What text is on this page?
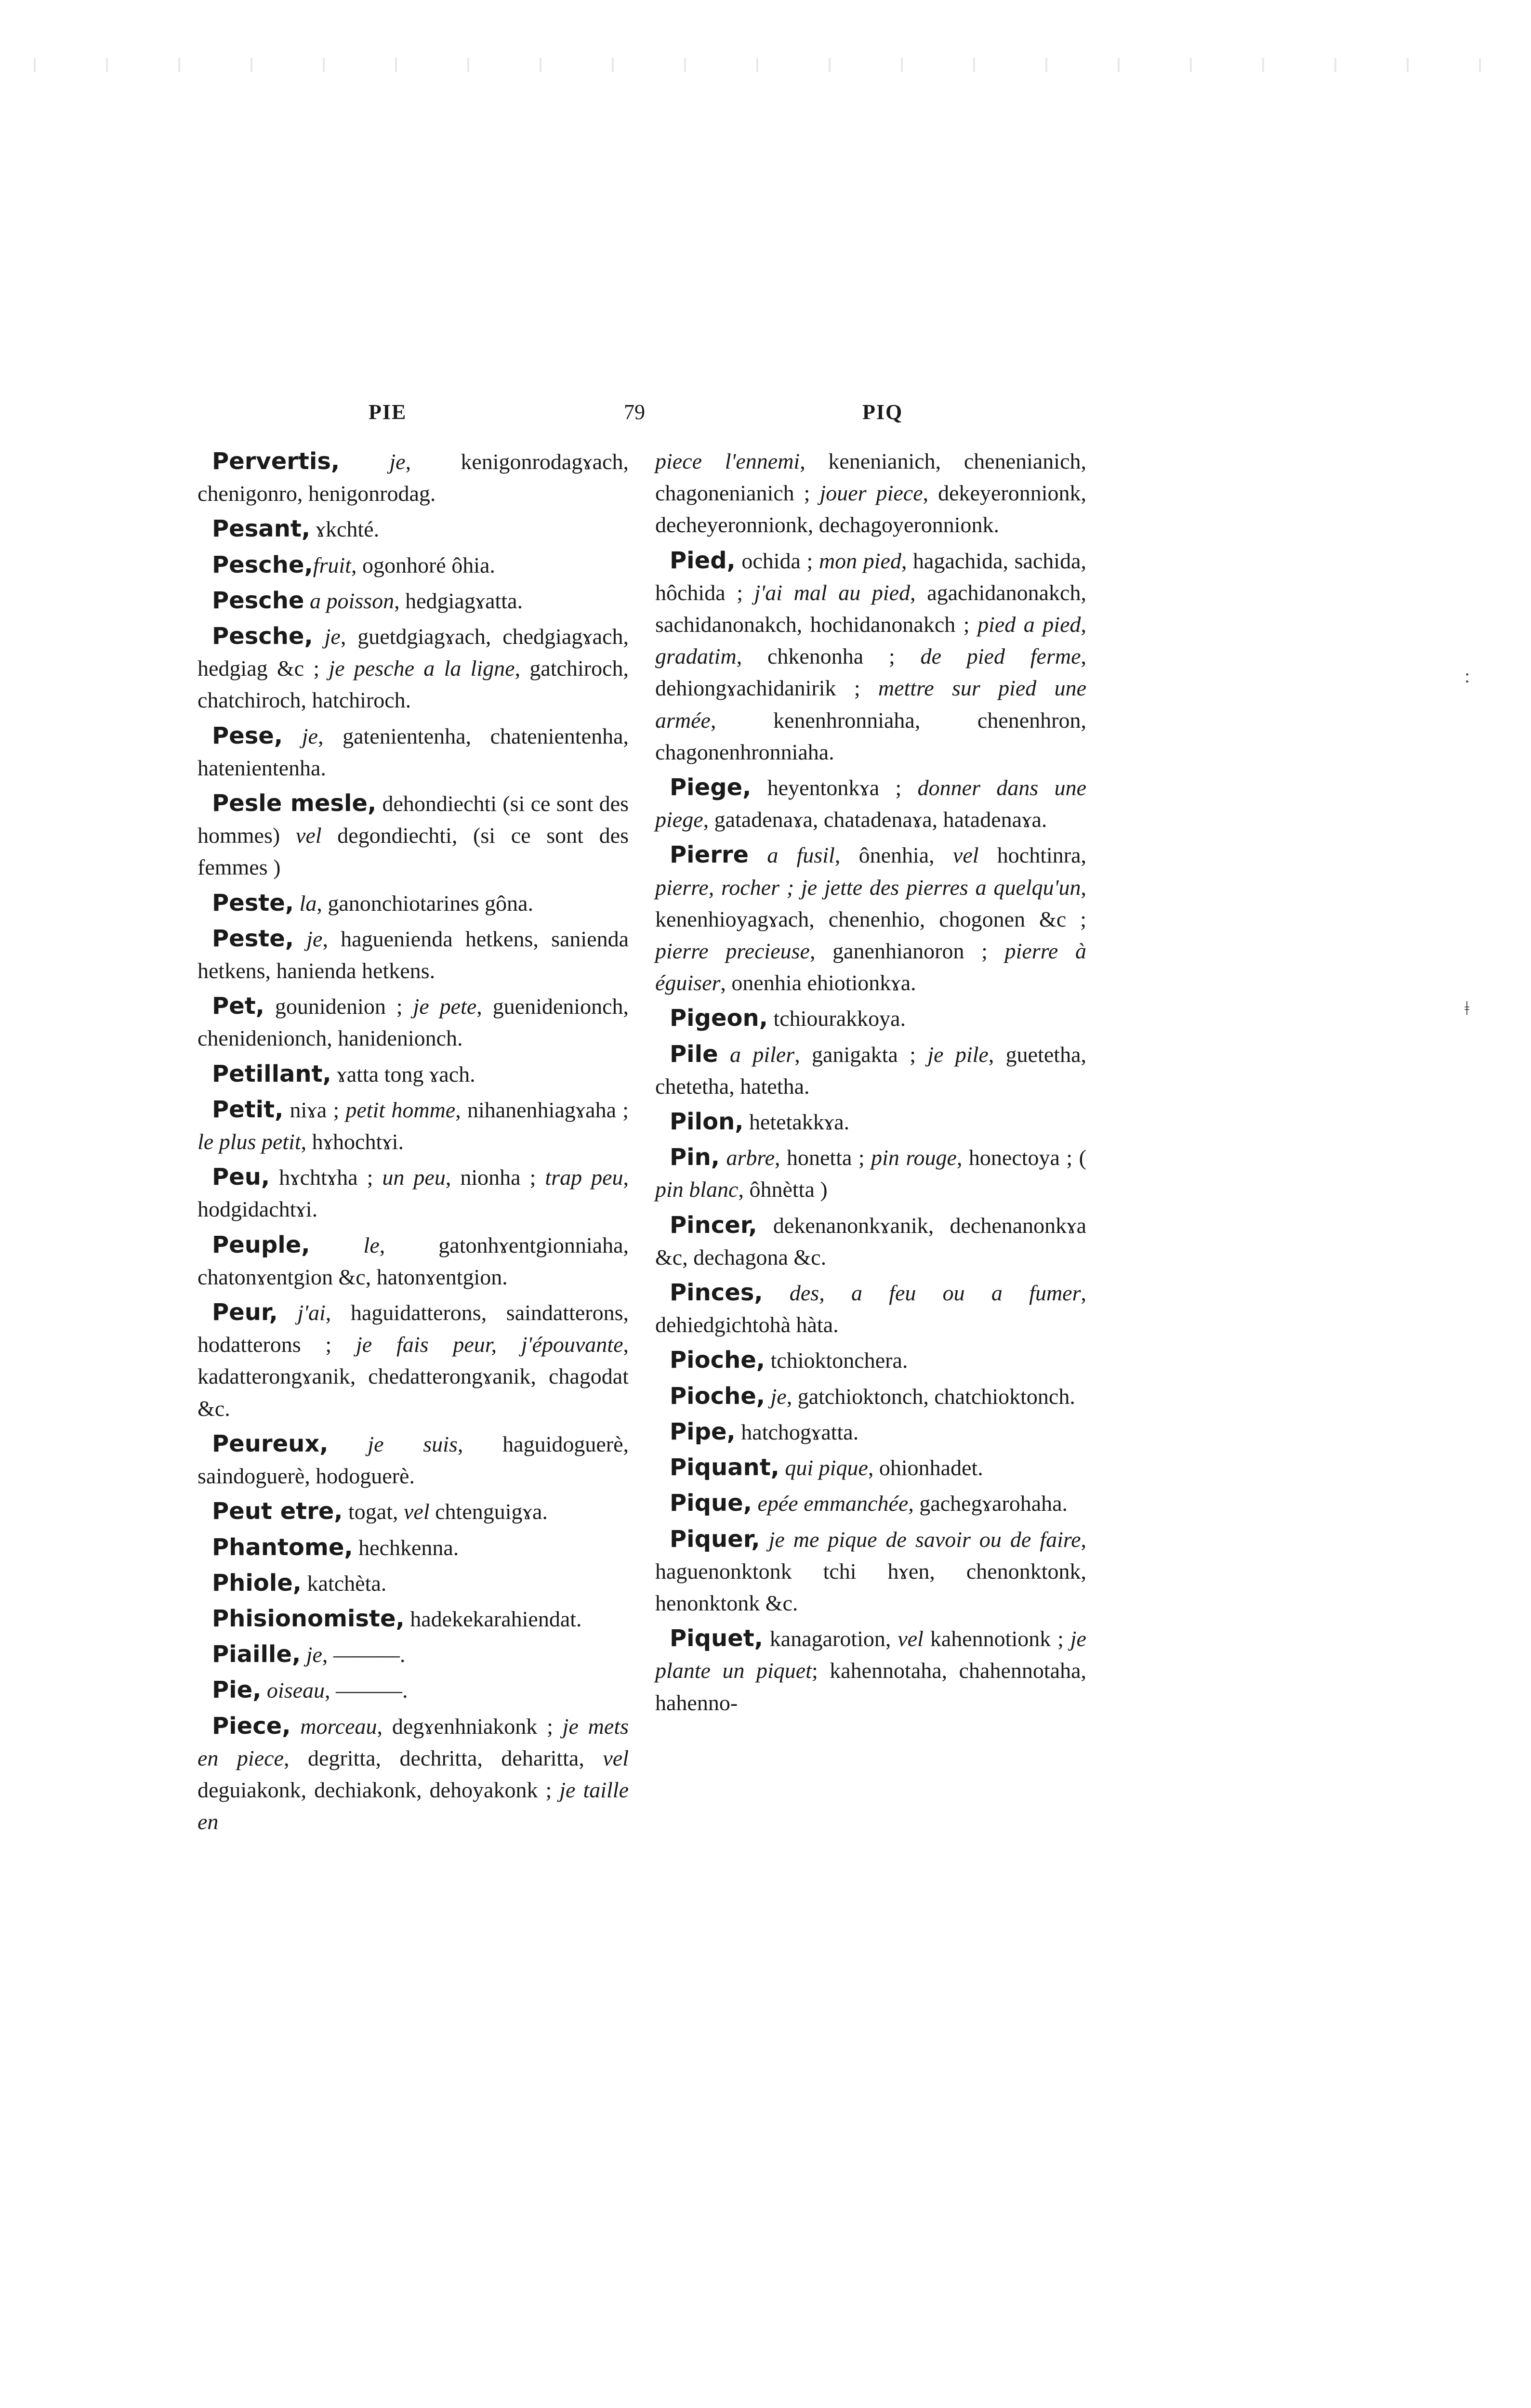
PIE	79	PIQ

Pervertis, je, kenigonrodagɤach, chenigonro, henigonrodag.

Pesant, ɤkchté.

Pesche,fruit, ogonhoré ôhia.

Pesche a poisson, hedgiagɤatta.

Pesche, je, guetdgiagɤach, chedgiagɤach, hedgiag &c ; je pesche a la ligne, gatchiroch, chatchiroch, hatchiroch.

Pese, je, gatenientenha, chatenientenha, hatenientenha.

Pesle mesle, dehondiechti (si ce sont des hommes) vel degondiechti, (si ce sont des femmes )

Peste, la, ganonchiotarines gôna.

Peste, je, haguenienda hetkens, sanienda hetkens, hanienda hetkens.

Pet, gounidenion ; je pete, guenidenionch, chenidenionch, hanidenionch.

Petillant, ɤatta tong ɤach.

Petit, niɤa ; petit homme, nihanenhiagɤaha ; le plus petit, hɤhochtɤi.

Peu, hɤchtɤha ; un peu, nionha ; trap peu, hodgidachtɤi.

Peuple, le, gatonhɤentgionniaha, chatonɤentgion &c, hatonɤentgion.

Peur, j'ai, haguidatterons, saindatterons, hodatterons ; je fais peur, j'épouvante, kadatterongɤanik, chedatterongɤanik, chagodat &c.

Peureux, je suis, haguidoguerè, saindoguerè, hodoguerè.

Peut etre, togat, vel chtenguigɤa.

Phantome, hechkenna.

Phiole, katchèta.

Phisionomiste, hadekekarahiendat.

Piaille, je, ———.

Pie, oiseau, ———.

Piece, morceau, degɤenhniakonk ; je mets en piece, degritta, dechritta, deharitta, vel deguiakonk, dechiakonk, dehoyakonk ; je taille en

piece l'ennemi, kenenianich, chenenianich, chagonenianich ; jouer piece, dekeyeronnionk, decheyeronnionk, dechagoyeronnionk.

Pied, ochida ; mon pied, hagachida, sachida, hôchida ; j'ai mal au pied, agachidanonakch, sachidanonakch, hochidanonakch ; pied a pied, gradatim, chkenonha ; de pied ferme, dehiongɤachidanirik ; mettre sur pied une armée, kenenhronniaha, chenenhron, chagonenhronniaha.

Piege, heyentonkɤa ; donner dans une piege, gatadenaɤa, chatadenaɤa, hatadenaɤa.

Pierre a fusil, ônenhia, vel hochtinra, pierre, rocher ; je jette des pierres a quelqu'un, kenenhioyagɤach, chenenhio, chogonen &c ; pierre precieuse, ganenhianoron ; pierre à éguiser, onenhia ehiotionkɤa.

Pigeon, tchiourakkoya.

Pile a piler, ganigakta ; je pile, guetetha, chetetha, hatetha.

Pilon, hetetakkɤa.

Pin, arbre, honetta ; pin rouge, honectoya ; ( pin blanc, ôhnètta )

Pincer, dekenanonkɤanik, dechenanonkɤa &c, dechagona &c.

Pinces, des, a feu ou a fumer, dehiedgichtohà hàta.

Pioche, tchioktonchera.

Pioche, je, gatchioktonch, chatchioktonch.

Pipe, hatchogɤatta.

Piquant, qui pique, ohionhadet.

Pique, epée emmanchée, gachegɤarohaha.

Piquer, je me pique de savoir ou de faire, haguenonktonk tchi hɤen, chenonktonk, henonktonk &c.

Piquet, kanagarotion, vel kahennotionk ; je plante un piquet; kahennotaha, chahennotaha, hahenno-

:
ǂ
